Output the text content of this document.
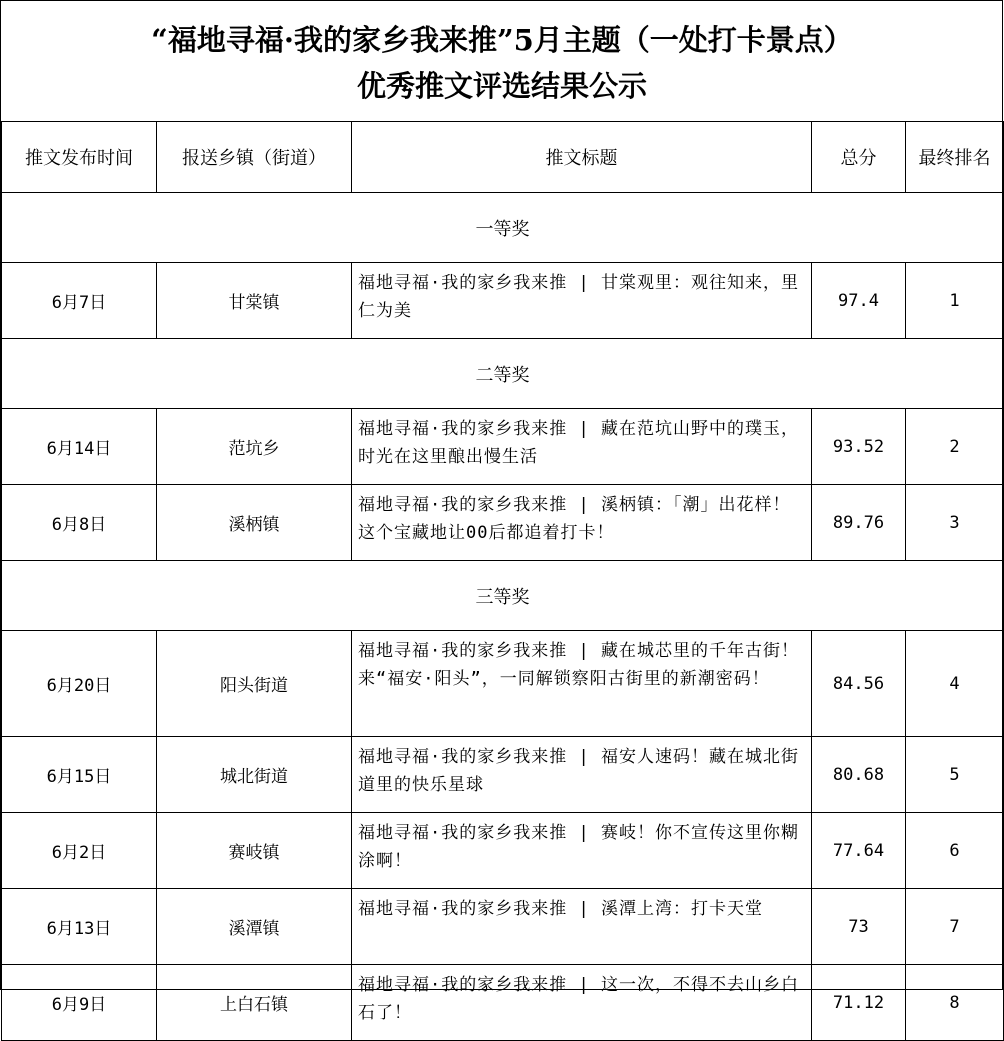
“福地寻福·我的家乡我来推”5月主题（一处打卡景点）
优秀推文评选结果公示
推文发布时间	报送乡镇（街道）	推文标题	总分	最终排名
一等奖				
6月7日	甘棠镇	福地寻福·我的家乡我来推 | 甘棠观里：观往知来，里仁为美	97.4	1
二等奖				
6月14日	范坑乡	福地寻福·我的家乡我来推 | 藏在范坑山野中的璞玉，时光在这里酿出慢生活	93.52	2
6月8日	溪柄镇	福地寻福·我的家乡我来推 | 溪柄镇：「潮」出花样！这个宝藏地让00后都追着打卡！	89.76	3
三等奖				
6月20日	阳头街道	福地寻福·我的家乡我来推 | 藏在城芯里的千年古街！来“福安·阳头”，一同解锁察阳古街里的新潮密码！	84.56	4
6月15日	城北街道	福地寻福·我的家乡我来推 | 福安人速码！藏在城北街道里的快乐星球	80.68	5
6月2日	赛岐镇	福地寻福·我的家乡我来推 | 赛岐！你不宣传这里你糊涂啊！	77.64	6
6月13日	溪潭镇	福地寻福·我的家乡我来推 | 溪潭上湾：打卡天堂	73	7
6月9日	上白石镇	福地寻福·我的家乡我来推 | 这一次，不得不去山乡白石了！	71.12	8
